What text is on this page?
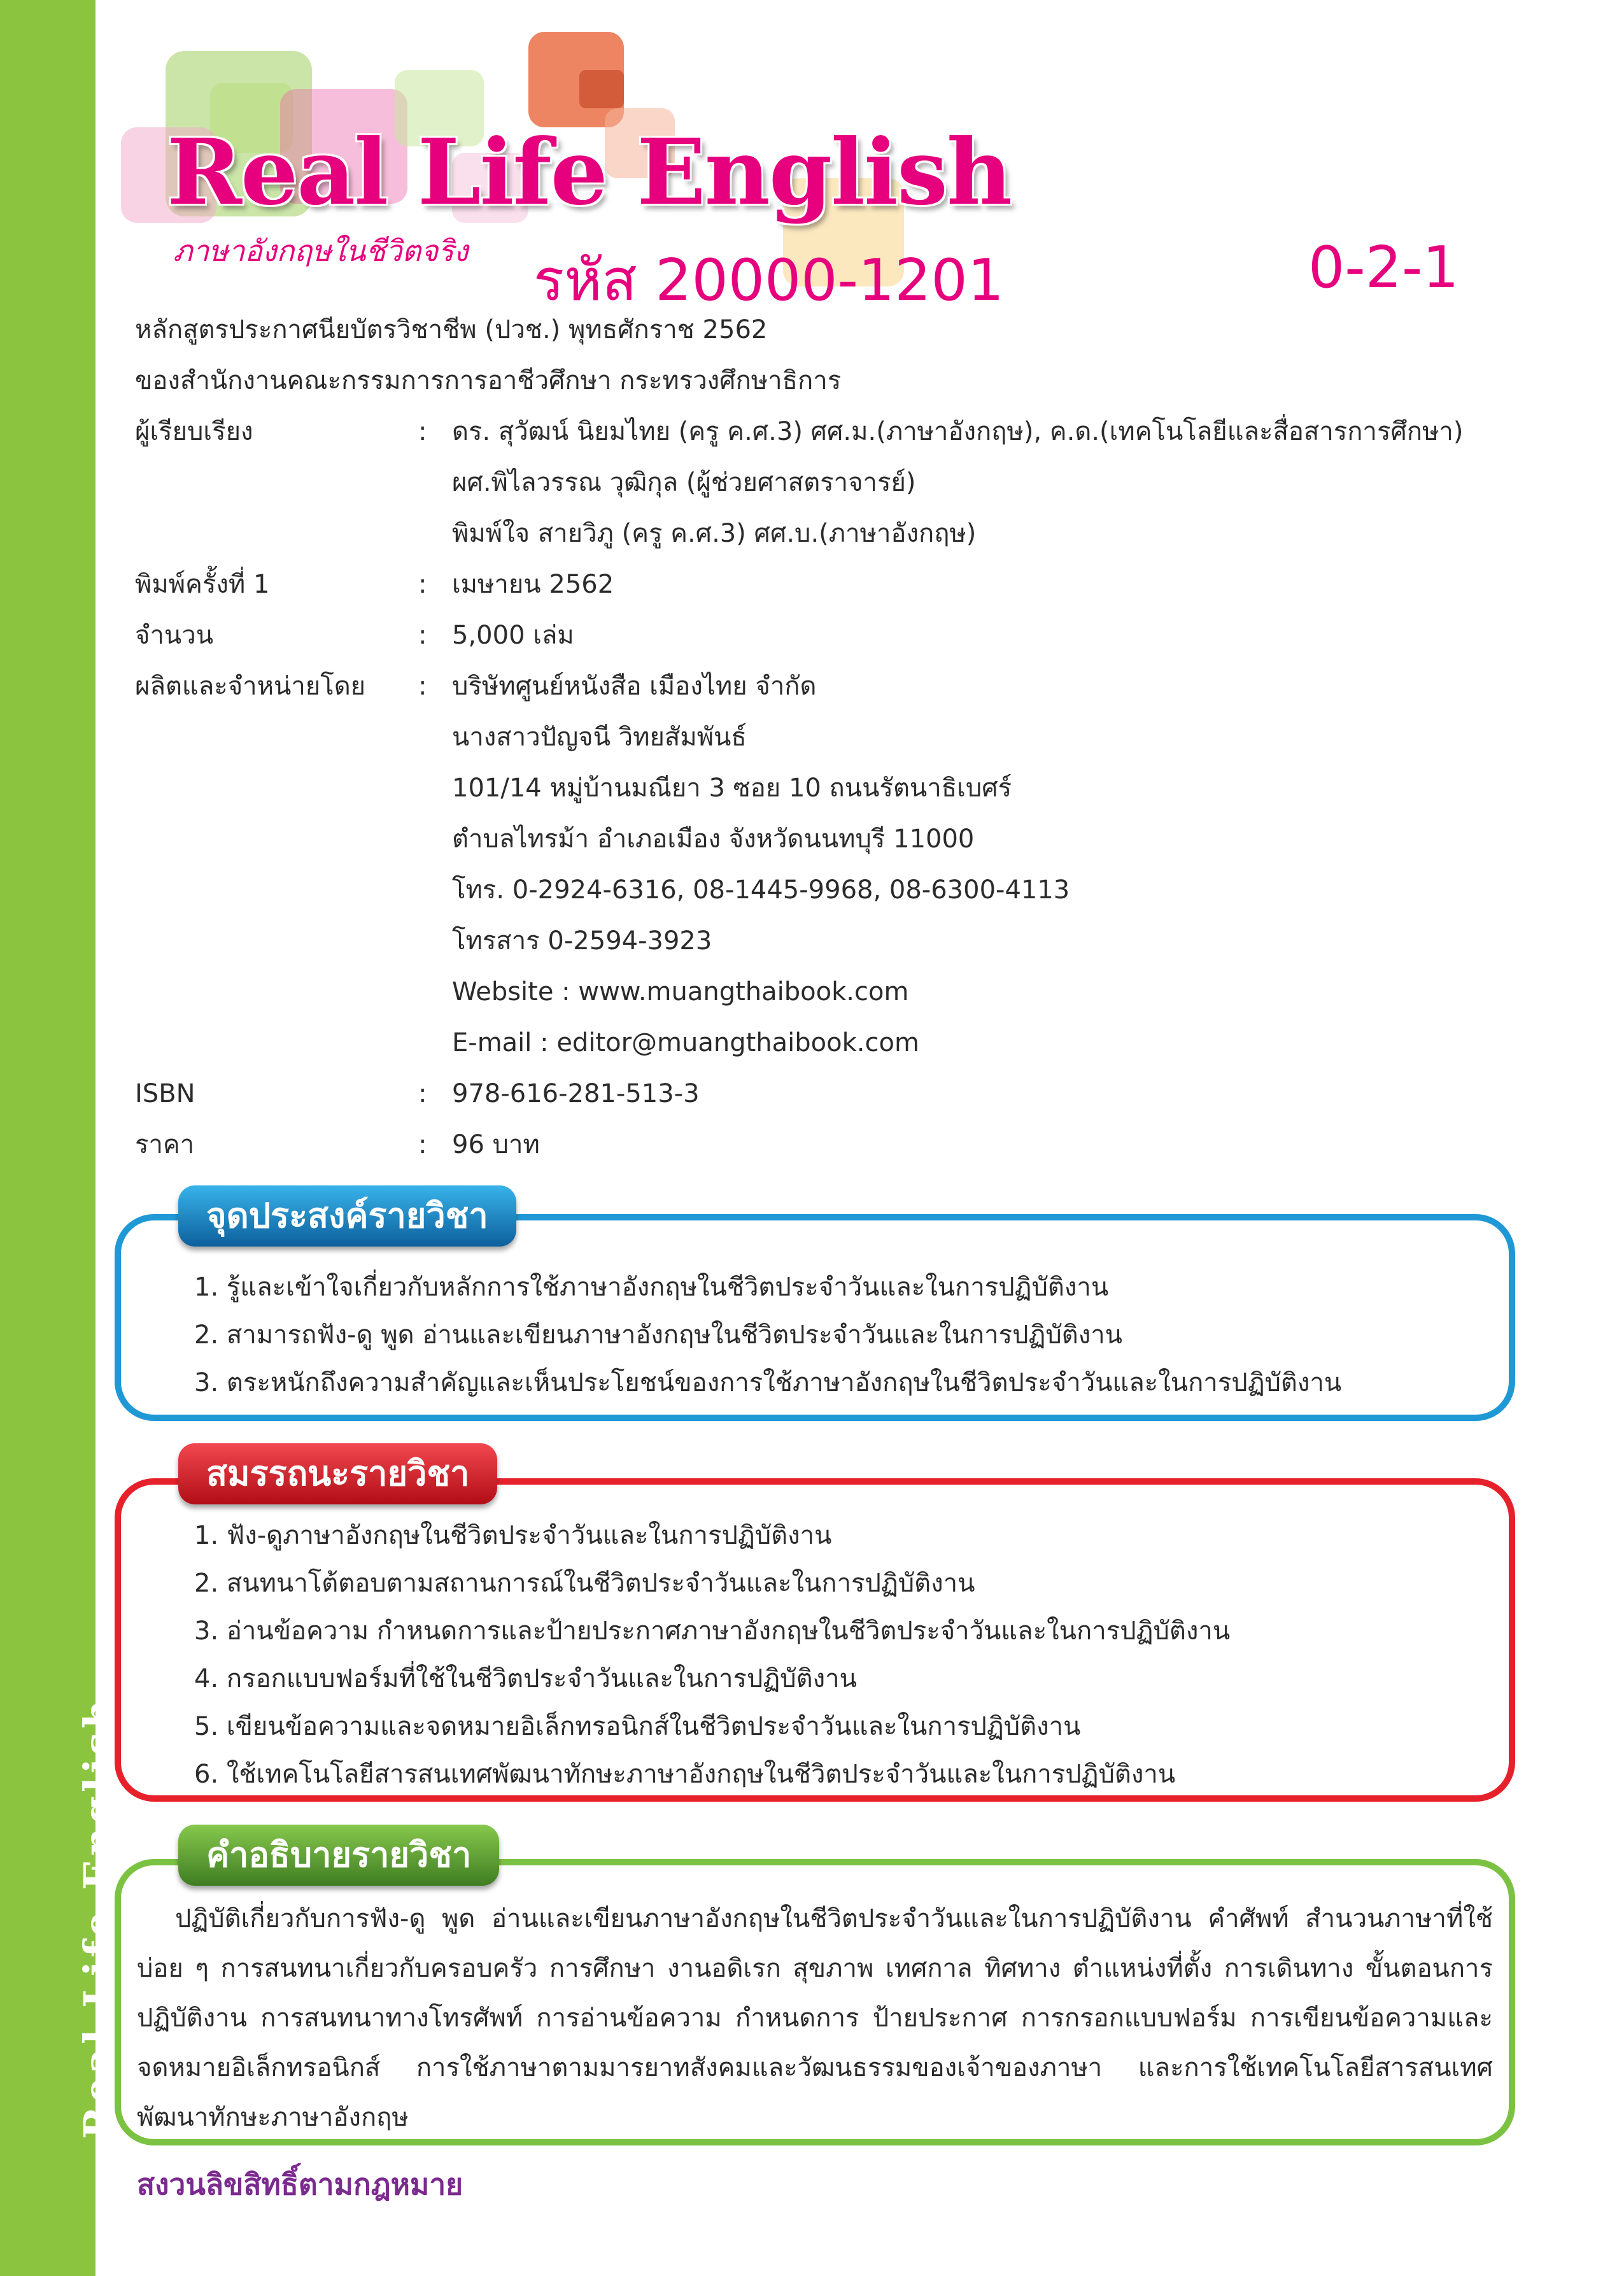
Real Life English
Real Life English
ภาษาอังกฤษในชีวิตจริง รหัส 20000-1201	0-2-1
หลักสูตรประกาศนียบัตรวิชาชีพ (ปวช.) พุทธศักราช 2562
ของสำนักงานคณะกรรมการการอาชีวศึกษา กระทรวงศึกษาธิการ
ผู้เรียบเรียง	: ดร. สุวัฒน์ นิยมไทย (ครู ค.ศ.3) ศศ.ม.(ภาษาอังกฤษ), ค.ด.(เทคโนโลยีและสื่อสารการศึกษา)
ผศ.พิไลวรรณ วุฒิกุล (ผู้ช่วยศาสตราจารย์)
พิมพ์ใจ สายวิภู (ครู ค.ศ.3) ศศ.บ.(ภาษาอังกฤษ)
พิมพ์ครั้งที่ 1	: เมษายน 2562
จำนวน	: 5,000 เล่ม
ผลิตและจำหน่ายโดย : บริษัทศูนย์หนังสือ เมืองไทย จำกัด
นางสาวปัญจนี วิทยสัมพันธ์
101/14 หมู่บ้านมณียา 3 ซอย 10 ถนนรัตนาธิเบศร์
ตำบลไทรม้า อำเภอเมือง จังหวัดนนทบุรี 11000
โทร. 0-2924-6316, 08-1445-9968, 08-6300-4113
โทรสาร 0-2594-3923
Website : www.muangthaibook.com
E-mail : editor@muangthaibook.com
ISBN	: 978-616-281-513-3
ราคา	: 96 บาท
จุดประสงค์รายวิชา
1. รู้และเข้าใจเกี่ยวกับหลักการใช้ภาษาอังกฤษในชีวิตประจำวันและในการปฏิบัติงาน
2. สามารถฟัง-ดู พูด อ่านและเขียนภาษาอังกฤษในชีวิตประจำวันและในการปฏิบัติงาน
3. ตระหนักถึงความสำคัญและเห็นประโยชน์ของการใช้ภาษาอังกฤษในชีวิตประจำวันและในการปฏิบัติงาน
สมรรถนะรายวิชา
1. ฟัง-ดูภาษาอังกฤษในชีวิตประจำวันและในการปฏิบัติงาน
2. สนทนาโต้ตอบตามสถานการณ์ในชีวิตประจำวันและในการปฏิบัติงาน
3. อ่านข้อความ กำหนดการและป้ายประกาศภาษาอังกฤษในชีวิตประจำวันและในการปฏิบัติงาน
4. กรอกแบบฟอร์มที่ใช้ในชีวิตประจำวันและในการปฏิบัติงาน
5. เขียนข้อความและจดหมายอิเล็กทรอนิกส์ในชีวิตประจำวันและในการปฏิบัติงาน
6. ใช้เทคโนโลยีสารสนเทศพัฒนาทักษะภาษาอังกฤษในชีวิตประจำวันและในการปฏิบัติงาน
คำอธิบายรายวิชา
ปฏิบัติเกี่ยวกับการฟัง-ดู พูด อ่านและเขียนภาษาอังกฤษในชีวิตประจำวันและในการปฏิบัติงาน คำศัพท์ สำนวนภาษาที่ใช้บ่อย ๆ การสนทนาเกี่ยวกับครอบครัว การศึกษา งานอดิเรก สุขภาพ เทศกาล ทิศทาง ตำแหน่งที่ตั้ง การเดินทาง ขั้นตอนการปฏิบัติงาน การสนทนาทางโทรศัพท์ การอ่านข้อความ กำหนดการ ป้ายประกาศ การกรอกแบบฟอร์ม การเขียนข้อความและจดหมายอิเล็กทรอนิกส์ การใช้ภาษาตามมารยาทสังคมและวัฒนธรรมของเจ้าของภาษา และการใช้เทคโนโลยีสารสนเทศพัฒนาทักษะภาษาอังกฤษ
สงวนลิขสิทธิ์ตามกฎหมาย
